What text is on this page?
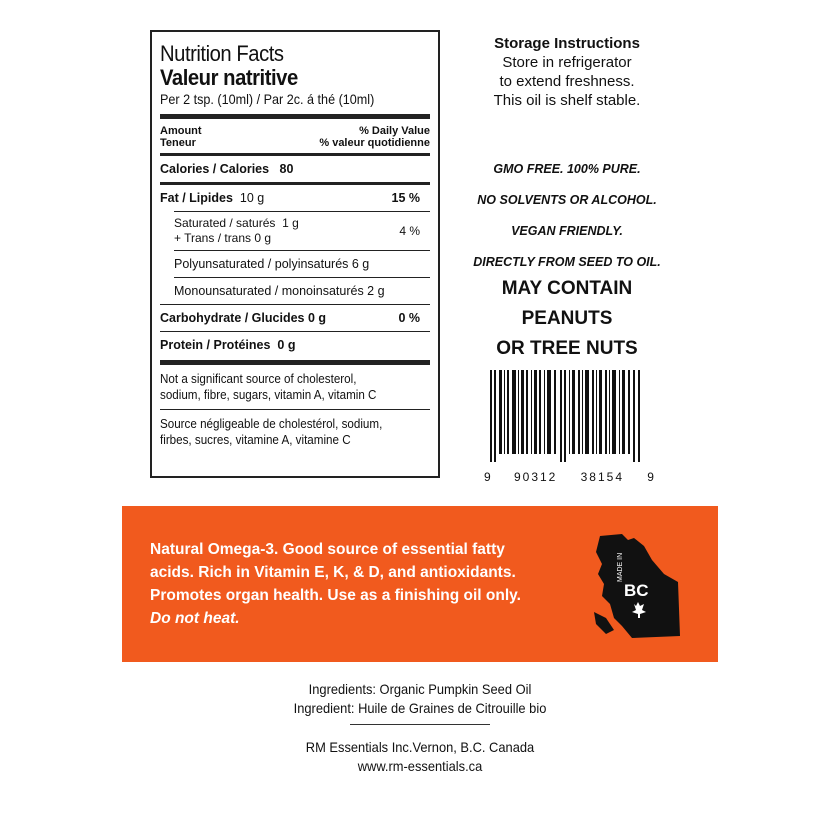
Nutrition Facts
Valeur natritive
Per 2 tsp. (10ml) / Par 2c. á thé (10ml)
Amount
Teneur
% Daily Value
% valeur quotidienne
Calories / Calories 80
Fat / Lipides 10 g	15 %
Saturated / saturés 1 g
+ Trans / trans 0 g	4 %
Polyunsaturated / polyinsaturés 6 g
Monounsaturated / monoinsaturés 2 g
Carbohydrate / Glucides 0 g	0 %
Protein / Protéines 0 g
Not a significant source of cholesterol,
sodium, fibre, sugars, vitamin A, vitamin C
Source négligeable de cholestérol, sodium,
firbes, sucres, vitamine A, vitamine C
Storage Instructions
Store in refrigerator
to extend freshness.
This oil is shelf stable.
GMO FREE. 100% PURE.
NO SOLVENTS OR ALCOHOL.
VEGAN FRIENDLY.
DIRECTLY FROM SEED TO OIL.
MAY CONTAIN
PEANUTS
OR TREE NUTS
9 90312 38154 9
Natural Omega-3. Good source of essential fatty
acids. Rich in Vitamin E, K, & D, and antioxidants.
Promotes organ health. Use as a finishing oil only.
Do not heat.
MADE IN
BC
Ingredients: Organic Pumpkin Seed Oil
Ingredient: Huile de Graines de Citrouille bio
RM Essentials Inc.Vernon, B.C. Canada
www.rm-essentials.ca
